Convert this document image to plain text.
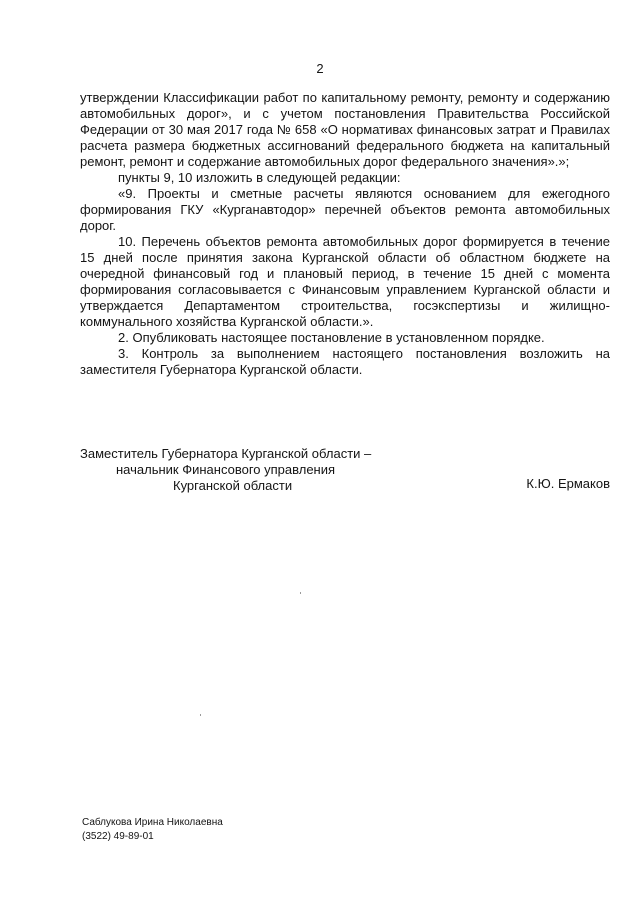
2

утверждении Классификации работ по капитальному ремонту, ремонту и содержанию автомобильных дорог», и с учетом постановления Правительства Российской Федерации от 30 мая 2017 года № 658 «О нормативах финансовых затрат и Правилах расчета размера бюджетных ассигнований федерального бюджета на капитальный ремонт, ремонт и содержание автомобильных дорог федерального значения».»;

пункты 9, 10 изложить в следующей редакции:

«9. Проекты и сметные расчеты являются основанием для ежегодного формирования ГКУ «Курганавтодор» перечней объектов ремонта автомобильных дорог.

10. Перечень объектов ремонта автомобильных дорог формируется в течение 15 дней после принятия закона Курганской области об областном бюджете на очередной финансовый год и плановый период, в течение 15 дней с момента формирования согласовывается с Финансовым управлением Курганской области и утверждается Департаментом строительства, госэкспертизы и жилищно-коммунального хозяйства Курганской области.».

2. Опубликовать настоящее постановление в установленном порядке.

3. Контроль за выполнением настоящего постановления возложить на заместителя Губернатора Курганской области.

Заместитель Губернатора Курганской области –
начальник Финансового управления
Курганской области	К.Ю. Ермаков
Саблукова Ирина Николаевна
(3522) 49-89-01
